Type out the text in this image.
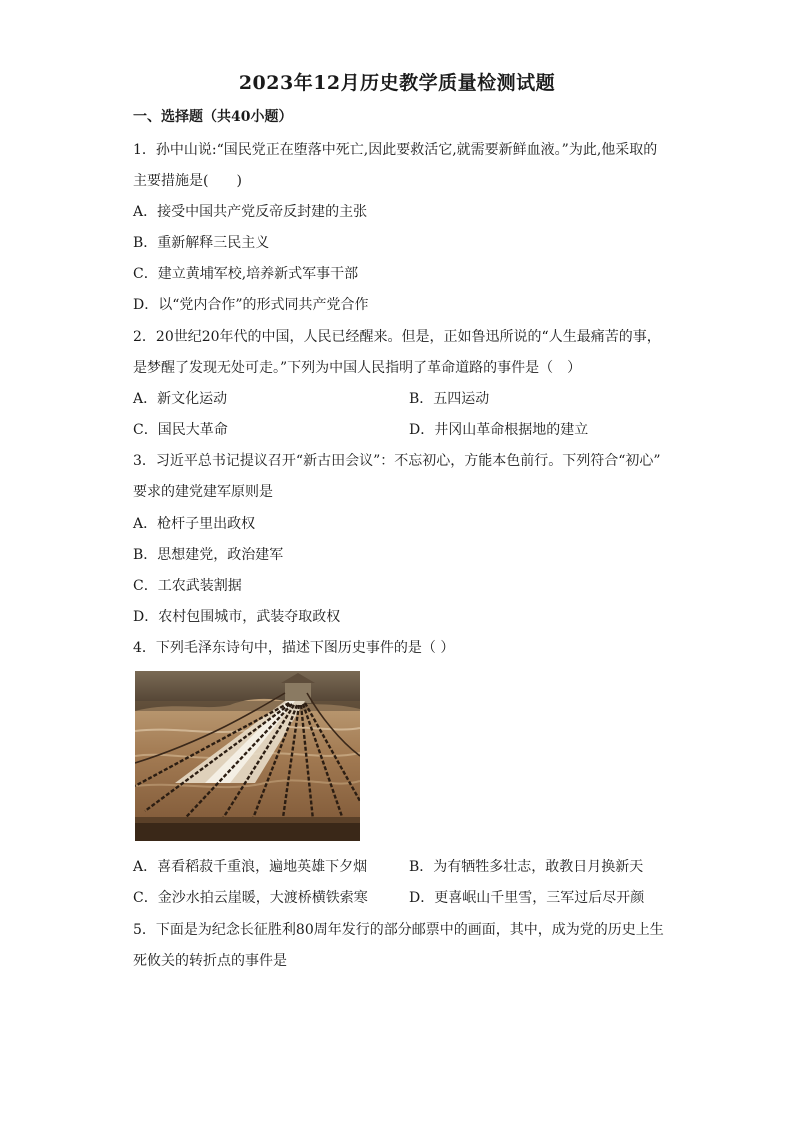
2023年12月历史教学质量检测试题
一、选择题（共40小题）
1．孙中山说:“国民党正在堕落中死亡,因此要救活它,就需要新鲜血液。”为此,他采取的
主要措施是(　　)
A．接受中国共产党反帝反封建的主张
B．重新解释三民主义
C．建立黄埔军校,培养新式军事干部
D．以“党内合作”的形式同共产党合作
2．20世纪20年代的中国，人民已经醒来。但是，正如鲁迅所说的“人生最痛苦的事，
是梦醒了发现无处可走。”下列为中国人民指明了革命道路的事件是（　）
A．新文化运动	B．五四运动
C．国民大革命	D．井冈山革命根据地的建立
3．习近平总书记提议召开“新古田会议”：不忘初心，方能本色前行。下列符合“初心”
要求的建党建军原则是
A．枪杆子里出政权
B．思想建党，政治建军
C．工农武装割据
D．农村包围城市，武装夺取政权
4．下列毛泽东诗句中，描述下图历史事件的是（ ）
A．喜看稻菽千重浪，遍地英雄下夕烟	B．为有牺牲多壮志，敢教日月换新天
C．金沙水拍云崖暖，大渡桥横铁索寒	D．更喜岷山千里雪，三军过后尽开颜
5．下面是为纪念长征胜利80周年发行的部分邮票中的画面，其中，成为党的历史上生
死攸关的转折点的事件是
